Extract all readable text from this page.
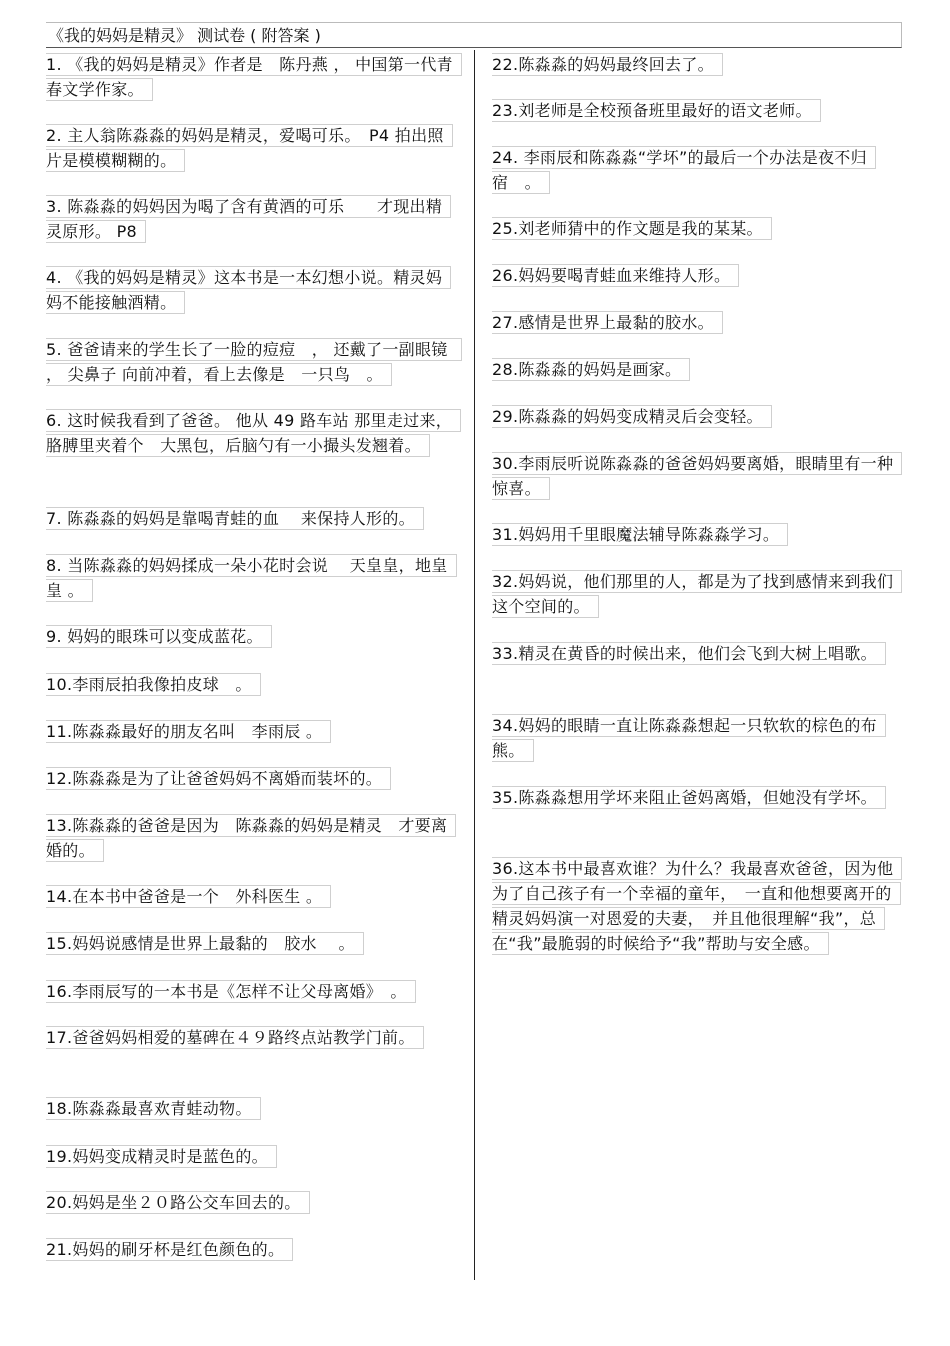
《我的妈妈是精灵》 测试卷 ( 附答案 )
1. 《我的妈妈是精灵》作者是　陈丹燕 ， 中国第一代青春文学作家。
2. 主人翁陈淼淼的妈妈是精灵，爱喝可乐。　P4 拍出照片是模模糊糊的。
3. 陈淼淼的妈妈因为喝了含有黄酒的可乐　　才现出精灵原形。 P8
4. 《我的妈妈是精灵》这本书是一本幻想小说。精灵妈妈不能接触酒精。
5. 爸爸请来的学生长了一脸的痘痘　， 还戴了一副眼镜 ， 尖鼻子 向前冲着，看上去像是　一只鸟　。
6. 这时候我看到了爸爸。 他从 49 路车站 那里走过来，胳膊里夹着个　大黑包，后脑勺有一小撮头发翘着。
7. 陈淼淼的妈妈是靠喝青蛙的血　 来保持人形的。
8. 当陈淼淼的妈妈揉成一朵小花时会说　 天皇皇，地皇皇 。
9. 妈妈的眼珠可以变成蓝花。
10.李雨辰拍我像拍皮球　。
11.陈淼淼最好的朋友名叫　李雨辰 。
12.陈淼淼是为了让爸爸妈妈不离婚而装坏的。
13.陈淼淼的爸爸是因为　陈淼淼的妈妈是精灵　才要离婚的。
14.在本书中爸爸是一个　外科医生 。
15.妈妈说感情是世界上最黏的　胶水　 。
16.李雨辰写的一本书是《怎样不让父母离婚》　。
17.爸爸妈妈相爱的墓碑在４９路终点站教学门前。
18.陈淼淼最喜欢青蛙动物。
19.妈妈变成精灵时是蓝色的。
20.妈妈是坐２０路公交车回去的。
21.妈妈的刷牙杯是红色颜色的。
22.陈淼淼的妈妈最终回去了。
23.刘老师是全校预备班里最好的语文老师。
24. 李雨辰和陈淼淼“学坏”的最后一个办法是夜不归宿　。
25.刘老师猜中的作文题是我的某某。
26.妈妈要喝青蛙血来维持人形。
27.感情是世界上最黏的胶水。
28.陈淼淼的妈妈是画家。
29.陈淼淼的妈妈变成精灵后会变轻。
30.李雨辰听说陈淼淼的爸爸妈妈要离婚，眼睛里有一种惊喜。
31.妈妈用千里眼魔法辅导陈淼淼学习。
32.妈妈说，他们那里的人，都是为了找到感情来到我们这个空间的。
33.精灵在黄昏的时候出来，他们会飞到大树上唱歌。
34.妈妈的眼睛一直让陈淼淼想起一只软软的棕色的布熊。
35.陈淼淼想用学坏来阻止爸妈离婚，但她没有学坏。
36.这本书中最喜欢谁？为什么？我最喜欢爸爸，因为他为了自己孩子有一个幸福的童年，　一直和他想要离开的精灵妈妈演一对恩爱的夫妻，　并且他很理解“我”，总在“我”最脆弱的时候给予“我”帮助与安全感。
